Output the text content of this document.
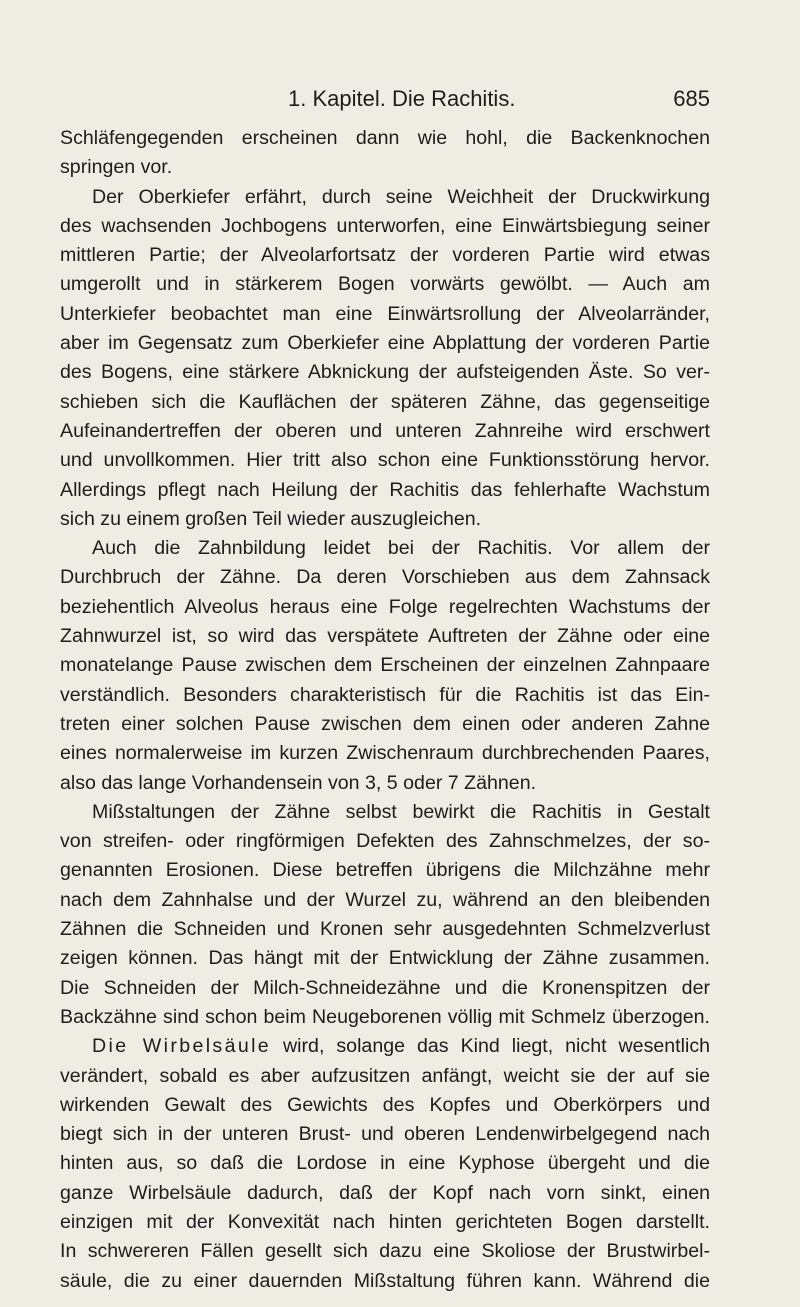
1. Kapitel. Die Rachitis.	685
Schläfengegenden erscheinen dann wie hohl, die Backenknochen
springen vor.
Der Oberkiefer erfährt, durch seine Weichheit der Druckwirkung
des wachsenden Jochbogens unterworfen, eine Einwärtsbiegung seiner
mittleren Partie; der Alveolarfortsatz der vorderen Partie wird etwas
umgerollt und in stärkerem Bogen vorwärts gewölbt. — Auch am
Unterkiefer beobachtet man eine Einwärtsrollung der Alveolarränder,
aber im Gegensatz zum Oberkiefer eine Abplattung der vorderen Partie
des Bogens, eine stärkere Abknickung der aufsteigenden Äste. So ver-
schieben sich die Kauflächen der späteren Zähne, das gegenseitige
Aufeinandertreffen der oberen und unteren Zahnreihe wird erschwert
und unvollkommen. Hier tritt also schon eine Funktionsstörung hervor.
Allerdings pflegt nach Heilung der Rachitis das fehlerhafte Wachstum
sich zu einem großen Teil wieder auszugleichen.
Auch die Zahnbildung leidet bei der Rachitis. Vor allem der
Durchbruch der Zähne. Da deren Vorschieben aus dem Zahnsack
beziehentlich Alveolus heraus eine Folge regelrechten Wachstums der
Zahnwurzel ist, so wird das verspätete Auftreten der Zähne oder eine
monatelange Pause zwischen dem Erscheinen der einzelnen Zahnpaare
verständlich. Besonders charakteristisch für die Rachitis ist das Ein-
treten einer solchen Pause zwischen dem einen oder anderen Zahne
eines normalerweise im kurzen Zwischenraum durchbrechenden Paares,
also das lange Vorhandensein von 3, 5 oder 7 Zähnen.
Mißstaltungen der Zähne selbst bewirkt die Rachitis in Gestalt
von streifen- oder ringförmigen Defekten des Zahnschmelzes, der so-
genannten Erosionen. Diese betreffen übrigens die Milchzähne mehr
nach dem Zahnhalse und der Wurzel zu, während an den bleibenden
Zähnen die Schneiden und Kronen sehr ausgedehnten Schmelzverlust
zeigen können. Das hängt mit der Entwicklung der Zähne zusammen.
Die Schneiden der Milch-Schneidezähne und die Kronenspitzen der
Backzähne sind schon beim Neugeborenen völlig mit Schmelz überzogen.
Die Wirbelsäule wird, solange das Kind liegt, nicht wesentlich
verändert, sobald es aber aufzusitzen anfängt, weicht sie der auf sie
wirkenden Gewalt des Gewichts des Kopfes und Oberkörpers und
biegt sich in der unteren Brust- und oberen Lendenwirbelgegend nach
hinten aus, so daß die Lordose in eine Kyphose übergeht und die
ganze Wirbelsäule dadurch, daß der Kopf nach vorn sinkt, einen
einzigen mit der Konvexität nach hinten gerichteten Bogen darstellt.
In schwereren Fällen gesellt sich dazu eine Skoliose der Brustwirbel-
säule, die zu einer dauernden Mißstaltung führen kann. Während die
